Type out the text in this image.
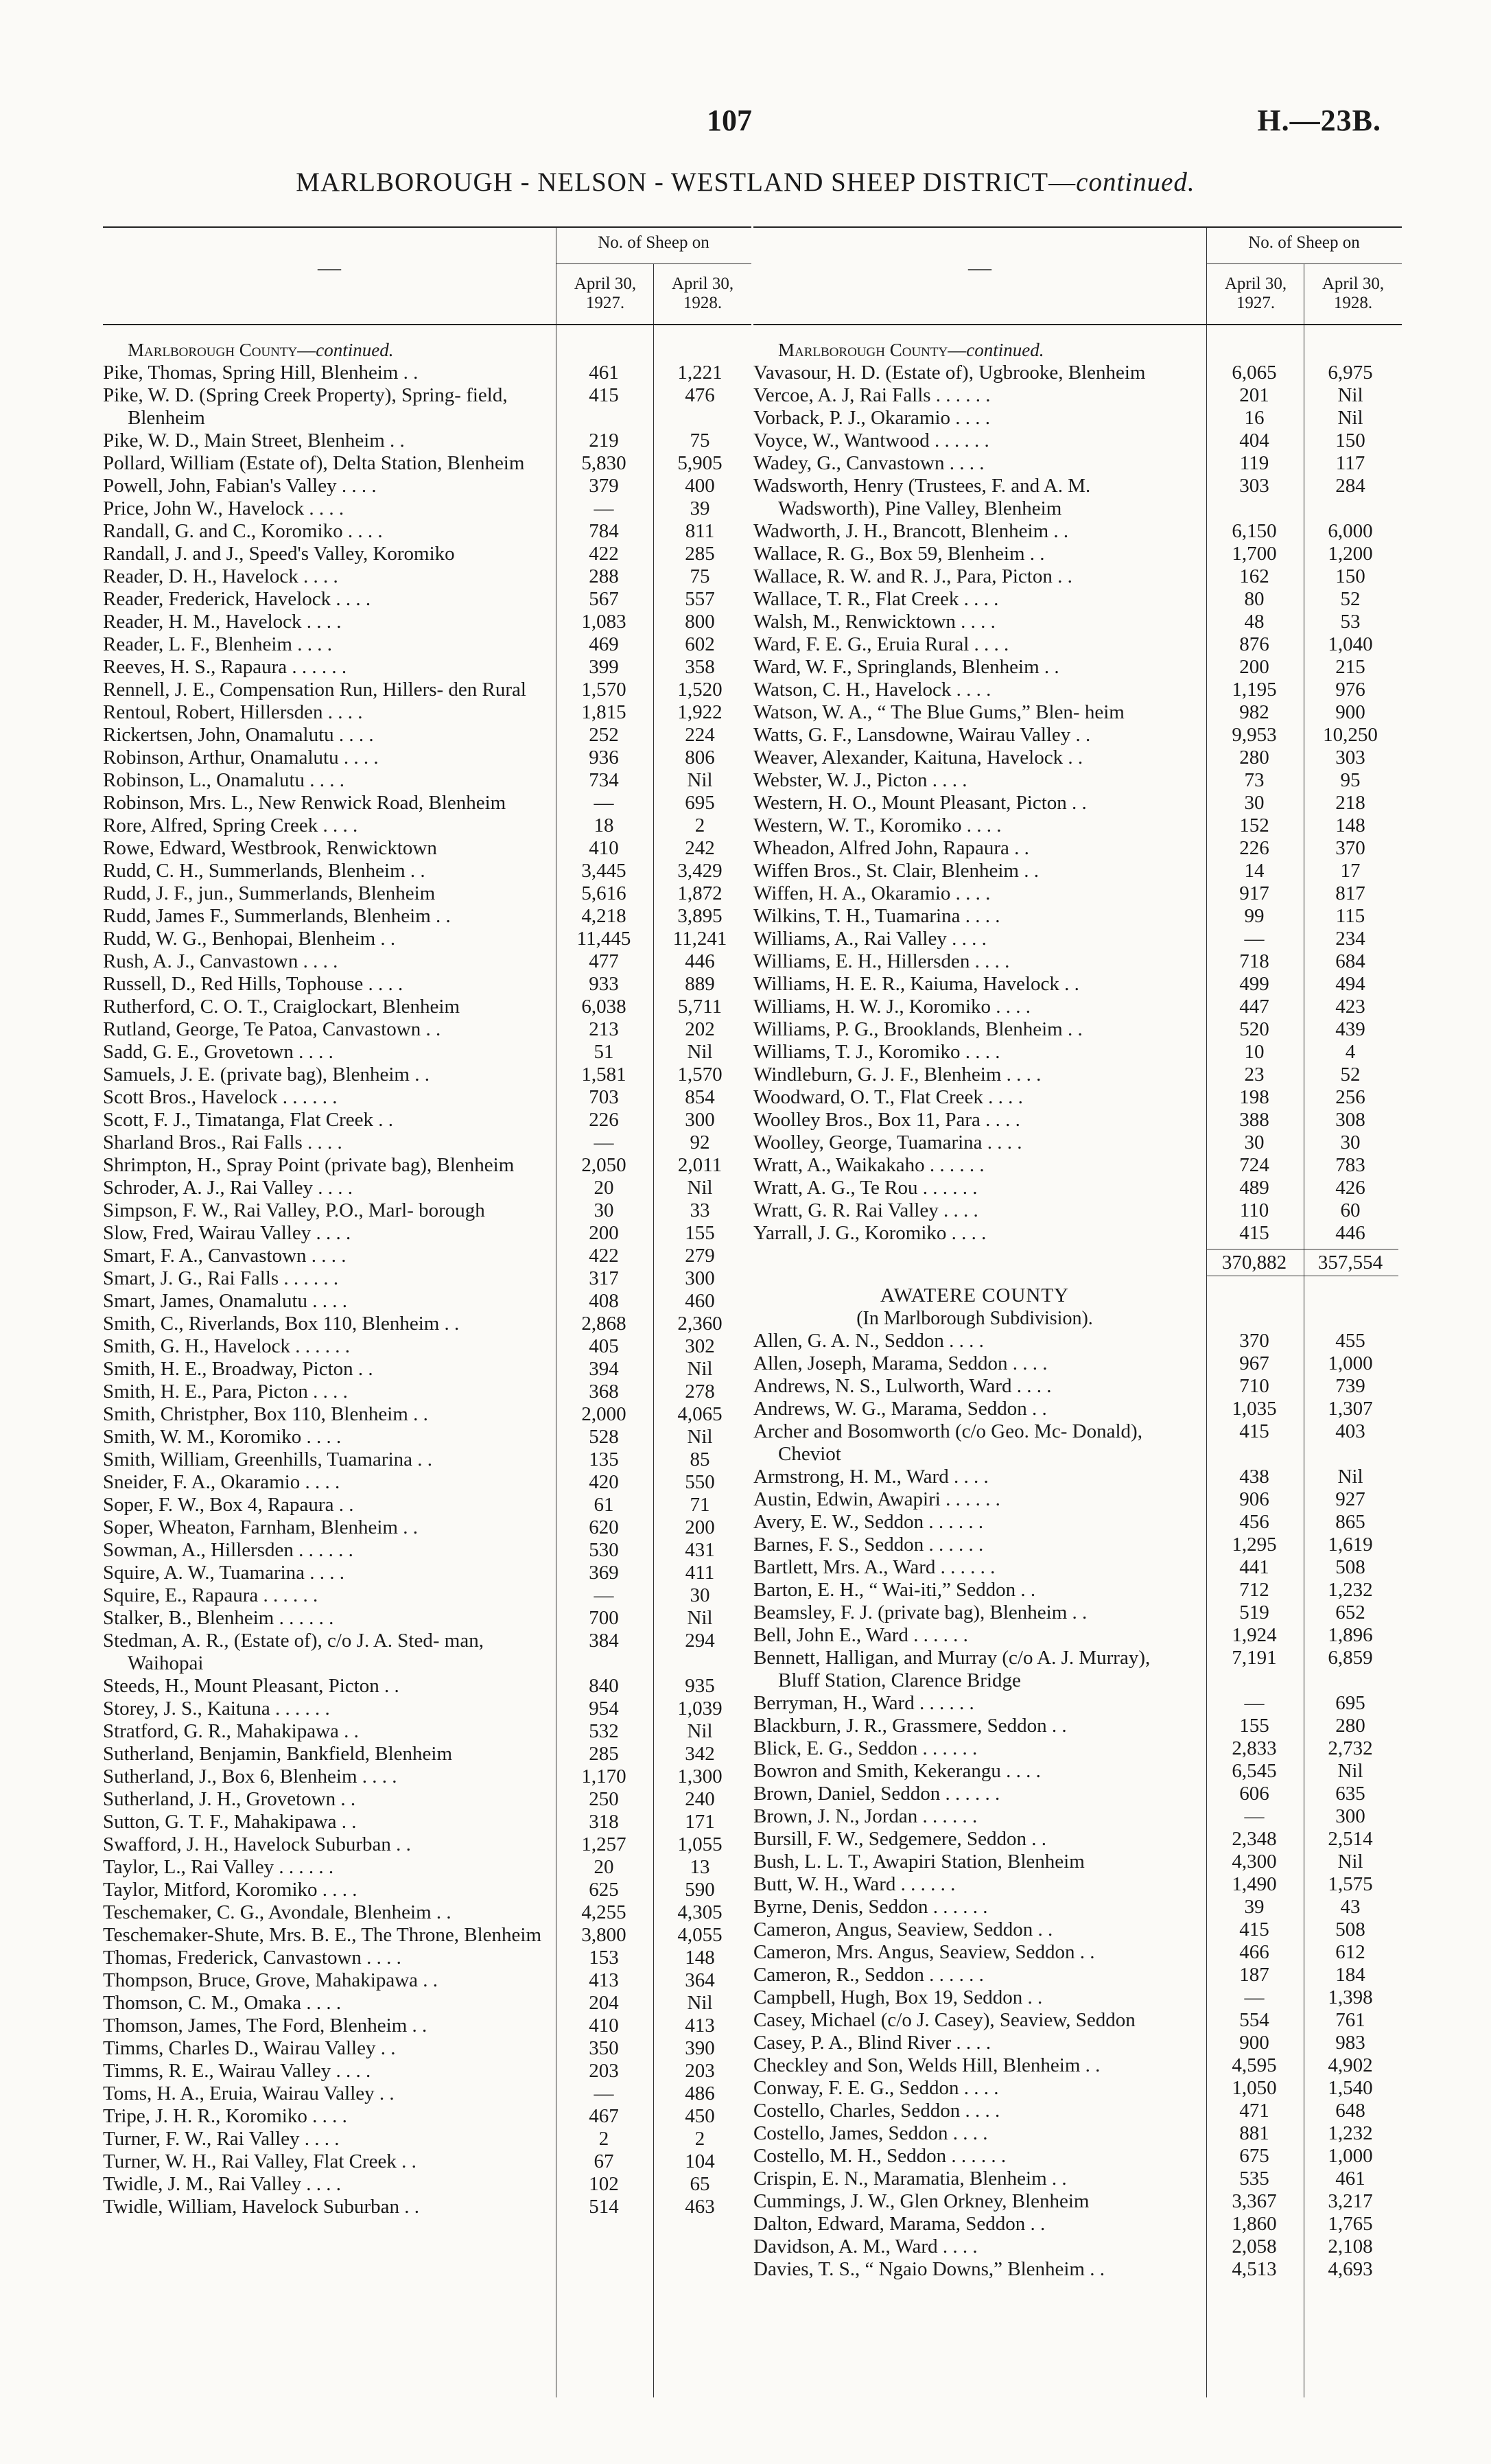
107	H.—23B.
MARLBOROUGH - NELSON - WESTLAND SHEEP DISTRICT—continued.
—
No. of Sheep on
April 30, 1927.
April 30, 1928.
Marlborough County—continued.
Pike, Thomas, Spring Hill, Blenheim . .	461	1,221
Pike, W. D. (Spring Creek Property), Spring- field, Blenheim
415	476
Pike, W. D., Main Street, Blenheim . .	219	75
Pollard, William (Estate of), Delta Station, Blenheim	5,830	5,905
Powell, John, Fabian's Valley . . . .	379	400
Price, John W., Havelock . . . .	—	39
Randall, G. and C., Koromiko . . . .	784	811
Randall, J. and J., Speed's Valley, Koromiko	422	285
Reader, D. H., Havelock . . . .	288	75
Reader, Frederick, Havelock . . . .	567	557
Reader, H. M., Havelock . . . .	1,083	800
Reader, L. F., Blenheim . . . .	469	602
Reeves, H. S., Rapaura . . . . . .	399	358
Rennell, J. E., Compensation Run, Hillers- den Rural	1,570	1,520
Rentoul, Robert, Hillersden . . . .	1,815	1,922
Rickertsen, John, Onamalutu . . . .	252	224
Robinson, Arthur, Onamalutu . . . .	936	806
Robinson, L., Onamalutu . . . .	734	Nil
Robinson, Mrs. L., New Renwick Road, Blenheim	—	695
Rore, Alfred, Spring Creek . . . .	18	2
Rowe, Edward, Westbrook, Renwicktown	410	242
Rudd, C. H., Summerlands, Blenheim . .	3,445	3,429
Rudd, J. F., jun., Summerlands, Blenheim	5,616	1,872
Rudd, James F., Summerlands, Blenheim . .	4,218	3,895
Rudd, W. G., Benhopai, Blenheim . .	11,445	11,241
Rush, A. J., Canvastown . . . .	477	446
Russell, D., Red Hills, Tophouse . . . .	933	889
Rutherford, C. O. T., Craiglockart, Blenheim	6,038	5,711
Rutland, George, Te Patoa, Canvastown . .	213	202
Sadd, G. E., Grovetown . . . .	51	Nil
Samuels, J. E. (private bag), Blenheim . .	1,581	1,570
Scott Bros., Havelock . . . . . .	703	854
Scott, F. J., Timatanga, Flat Creek . .	226	300
Sharland Bros., Rai Falls . . . .	—	92
Shrimpton, H., Spray Point (private bag), Blenheim	2,050	2,011
Schroder, A. J., Rai Valley . . . .	20	Nil
Simpson, F. W., Rai Valley, P.O., Marl- borough	30	33
Slow, Fred, Wairau Valley . . . .	200	155
Smart, F. A., Canvastown . . . .	422	279
Smart, J. G., Rai Falls . . . . . .	317	300
Smart, James, Onamalutu . . . .	408	460
Smith, C., Riverlands, Box 110, Blenheim . .	2,868	2,360
Smith, G. H., Havelock . . . . . .	405	302
Smith, H. E., Broadway, Picton . .	394	Nil
Smith, H. E., Para, Picton . . . .	368	278
Smith, Christpher, Box 110, Blenheim . .	2,000	4,065
Smith, W. M., Koromiko . . . .	528	Nil
Smith, William, Greenhills, Tuamarina . .	135	85
Sneider, F. A., Okaramio . . . .	420	550
Soper, F. W., Box 4, Rapaura . .	61	71
Soper, Wheaton, Farnham, Blenheim . .	620	200
Sowman, A., Hillersden . . . . . .	530	431
Squire, A. W., Tuamarina . . . .	369	411
Squire, E., Rapaura . . . . . .	—	30
Stalker, B., Blenheim . . . . . .	700	Nil
Stedman, A. R., (Estate of), c/o J. A. Sted- man, Waihopai
384	294
Steeds, H., Mount Pleasant, Picton . .	840	935
Storey, J. S., Kaituna . . . . . .	954	1,039
Stratford, G. R., Mahakipawa . .	532	Nil
Sutherland, Benjamin, Bankfield, Blenheim	285	342
Sutherland, J., Box 6, Blenheim . . . .	1,170	1,300
Sutherland, J. H., Grovetown . .	250	240
Sutton, G. T. F., Mahakipawa . .	318	171
Swafford, J. H., Havelock Suburban . .	1,257	1,055
Taylor, L., Rai Valley . . . . . .	20	13
Taylor, Mitford, Koromiko . . . .	625	590
Teschemaker, C. G., Avondale, Blenheim . .	4,255	4,305
Teschemaker-Shute, Mrs. B. E., The Throne, Blenheim	3,800	4,055
Thomas, Frederick, Canvastown . . . .	153	148
Thompson, Bruce, Grove, Mahakipawa . .	413	364
Thomson, C. M., Omaka . . . .	204	Nil
Thomson, James, The Ford, Blenheim . .	410	413
Timms, Charles D., Wairau Valley . .	350	390
Timms, R. E., Wairau Valley . . . .	203	203
Toms, H. A., Eruia, Wairau Valley . .	—	486
Tripe, J. H. R., Koromiko . . . .	467	450
Turner, F. W., Rai Valley . . . .	2	2
Turner, W. H., Rai Valley, Flat Creek . .	67	104
Twidle, J. M., Rai Valley . . . .	102	65
Twidle, William, Havelock Suburban . .	514	463
—
No. of Sheep on
April 30, 1927.
April 30, 1928.
Marlborough County—continued.
Vavasour, H. D. (Estate of), Ugbrooke, Blenheim	6,065	6,975
Vercoe, A. J, Rai Falls . . . . . .	201	Nil
Vorback, P. J., Okaramio . . . .	16	Nil
Voyce, W., Wantwood . . . . . .	404	150
Wadey, G., Canvastown . . . .	119	117
Wadsworth, Henry (Trustees, F. and A. M. Wadsworth), Pine Valley, Blenheim
303	284
Wadworth, J. H., Brancott, Blenheim . .	6,150	6,000
Wallace, R. G., Box 59, Blenheim . .	1,700	1,200
Wallace, R. W. and R. J., Para, Picton . .	162	150
Wallace, T. R., Flat Creek . . . .	80	52
Walsh, M., Renwicktown . . . .	48	53
Ward, F. E. G., Eruia Rural . . . .	876	1,040
Ward, W. F., Springlands, Blenheim . .	200	215
Watson, C. H., Havelock . . . .	1,195	976
Watson, W. A., “ The Blue Gums,” Blen- heim	982	900
Watts, G. F., Lansdowne, Wairau Valley . .	9,953	10,250
Weaver, Alexander, Kaituna, Havelock . .	280	303
Webster, W. J., Picton . . . .	73	95
Western, H. O., Mount Pleasant, Picton . .	30	218
Western, W. T., Koromiko . . . .	152	148
Wheadon, Alfred John, Rapaura . .	226	370
Wiffen Bros., St. Clair, Blenheim . .	14	17
Wiffen, H. A., Okaramio . . . .	917	817
Wilkins, T. H., Tuamarina . . . .	99	115
Williams, A., Rai Valley . . . .	—	234
Williams, E. H., Hillersden . . . .	718	684
Williams, H. E. R., Kaiuma, Havelock . .	499	494
Williams, H. W. J., Koromiko . . . .	447	423
Williams, P. G., Brooklands, Blenheim . .	520	439
Williams, T. J., Koromiko . . . .	10	4
Windleburn, G. J. F., Blenheim . . . .	23	52
Woodward, O. T., Flat Creek . . . .	198	256
Woolley Bros., Box 11, Para . . . .	388	308
Woolley, George, Tuamarina . . . .	30	30
Wratt, A., Waikakaho . . . . . .	724	783
Wratt, A. G., Te Rou . . . . . .	489	426
Wratt, G. R. Rai Valley . . . .	110	60
Yarrall, J. G., Koromiko . . . .	415	446
370,882	357,554
AWATERE COUNTY
(In Marlborough Subdivision).
Allen, G. A. N., Seddon . . . .	370	455
Allen, Joseph, Marama, Seddon . . . .	967	1,000
Andrews, N. S., Lulworth, Ward . . . .	710	739
Andrews, W. G., Marama, Seddon . .	1,035	1,307
Archer and Bosomworth (c/o Geo. Mc- Donald), Cheviot
415	403
Armstrong, H. M., Ward . . . .	438	Nil
Austin, Edwin, Awapiri . . . . . .	906	927
Avery, E. W., Seddon . . . . . .	456	865
Barnes, F. S., Seddon . . . . . .	1,295	1,619
Bartlett, Mrs. A., Ward . . . . . .	441	508
Barton, E. H., “ Wai-iti,” Seddon . .	712	1,232
Beamsley, F. J. (private bag), Blenheim . .	519	652
Bell, John E., Ward . . . . . .	1,924	1,896
Bennett, Halligan, and Murray (c/o A. J. Murray), Bluff Station, Clarence Bridge
7,191	6,859
Berryman, H., Ward . . . . . .	—	695
Blackburn, J. R., Grassmere, Seddon . .	155	280
Blick, E. G., Seddon . . . . . .	2,833	2,732
Bowron and Smith, Kekerangu . . . .	6,545	Nil
Brown, Daniel, Seddon . . . . . .	606	635
Brown, J. N., Jordan . . . . . .	—	300
Bursill, F. W., Sedgemere, Seddon . .	2,348	2,514
Bush, L. L. T., Awapiri Station, Blenheim	4,300	Nil
Butt, W. H., Ward . . . . . .	1,490	1,575
Byrne, Denis, Seddon . . . . . .	39	43
Cameron, Angus, Seaview, Seddon . .	415	508
Cameron, Mrs. Angus, Seaview, Seddon . .	466	612
Cameron, R., Seddon . . . . . .	187	184
Campbell, Hugh, Box 19, Seddon . .	—	1,398
Casey, Michael (c/o J. Casey), Seaview, Seddon	554	761
Casey, P. A., Blind River . . . .	900	983
Checkley and Son, Welds Hill, Blenheim . .	4,595	4,902
Conway, F. E. G., Seddon . . . .	1,050	1,540
Costello, Charles, Seddon . . . .	471	648
Costello, James, Seddon . . . .	881	1,232
Costello, M. H., Seddon . . . . . .	675	1,000
Crispin, E. N., Maramatia, Blenheim . .	535	461
Cummings, J. W., Glen Orkney, Blenheim	3,367	3,217
Dalton, Edward, Marama, Seddon . .	1,860	1,765
Davidson, A. M., Ward . . . .	2,058	2,108
Davies, T. S., “ Ngaio Downs,” Blenheim . .	4,513	4,693
